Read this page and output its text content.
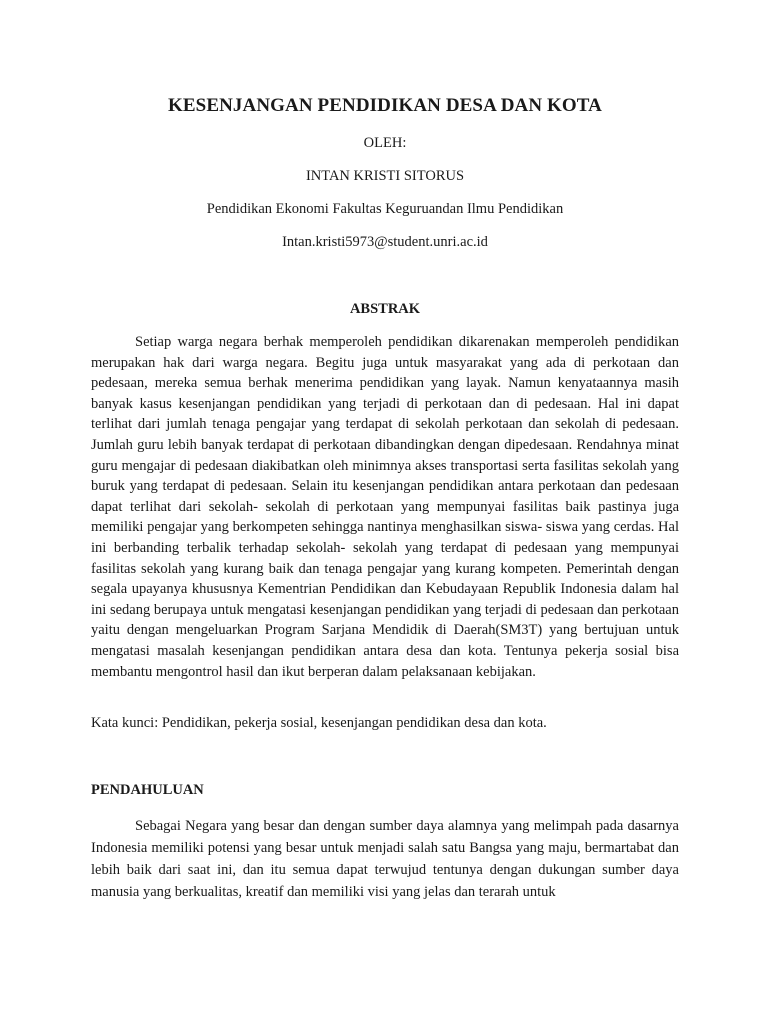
KESENJANGAN PENDIDIKAN DESA DAN KOTA

OLEH:

INTAN KRISTI SITORUS

Pendidikan Ekonomi Fakultas Keguruandan Ilmu Pendidikan

Intan.kristi5973@student.unri.ac.id

ABSTRAK

Setiap warga negara berhak memperoleh pendidikan dikarenakan memperoleh pendidikan merupakan hak dari warga negara. Begitu juga untuk masyarakat yang ada di perkotaan dan pedesaan, mereka semua berhak menerima pendidikan yang layak. Namun kenyataannya masih banyak kasus kesenjangan pendidikan yang terjadi di perkotaan dan di pedesaan. Hal ini dapat terlihat dari jumlah tenaga pengajar yang terdapat di sekolah perkotaan dan sekolah di pedesaan. Jumlah guru lebih banyak terdapat di perkotaan dibandingkan dengan dipedesaan. Rendahnya minat guru mengajar di pedesaan diakibatkan oleh minimnya akses transportasi serta fasilitas sekolah yang buruk yang terdapat di pedesaan. Selain itu kesenjangan pendidikan antara perkotaan dan pedesaan dapat terlihat dari sekolah- sekolah di perkotaan yang mempunyai fasilitas baik pastinya juga memiliki pengajar yang berkompeten sehingga nantinya menghasilkan siswa- siswa yang cerdas. Hal ini berbanding terbalik terhadap sekolah- sekolah yang terdapat di pedesaan yang mempunyai fasilitas sekolah yang kurang baik dan tenaga pengajar yang kurang kompeten. Pemerintah dengan segala upayanya khususnya Kementrian Pendidikan dan Kebudayaan Republik Indonesia dalam hal ini sedang berupaya untuk mengatasi kesenjangan pendidikan yang terjadi di pedesaan dan perkotaan yaitu dengan mengeluarkan Program Sarjana Mendidik di Daerah(SM3T) yang bertujuan untuk mengatasi masalah kesenjangan pendidikan antara desa dan kota. Tentunya pekerja sosial bisa membantu mengontrol hasil dan ikut berperan dalam pelaksanaan kebijakan.

Kata kunci: Pendidikan, pekerja sosial, kesenjangan pendidikan desa dan kota.

PENDAHULUAN

Sebagai Negara yang besar dan dengan sumber daya alamnya yang melimpah pada dasarnya Indonesia memiliki potensi yang besar untuk menjadi salah satu Bangsa yang maju, bermartabat dan lebih baik dari saat ini, dan itu semua dapat terwujud tentunya dengan dukungan sumber daya manusia yang berkualitas, kreatif dan memiliki visi yang jelas dan terarah untuk
